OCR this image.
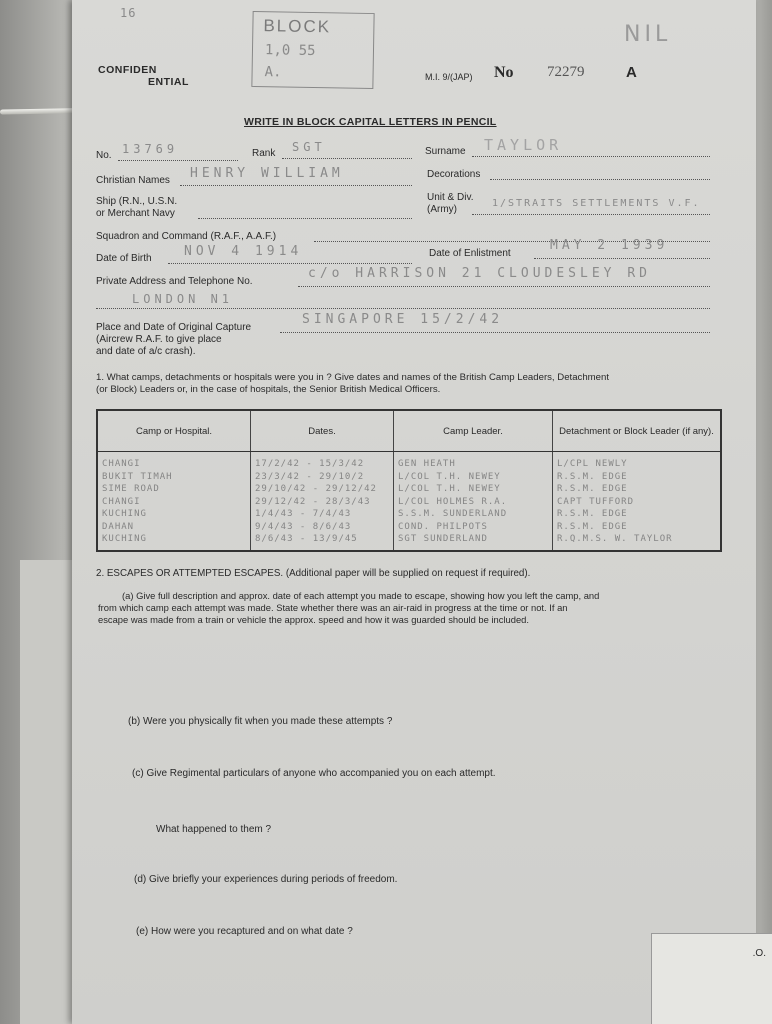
16
BLOCK
1,0 55
A.
CONFIDEN
ENTIAL	M.I. 9/(JAP) No 72279	A
NIL
WRITE IN BLOCK CAPITAL LETTERS IN PENCIL
No. 13769	Rank SGT	Surname TAYLOR
Christian Names HENRY WILLIAM	Decorations
Ship (R.N., U.S.N.
or Merchant Navy
Unit & Div.
(Army)
1/STRAITS SETTLEMENTS V.F.
Squadron and Command (R.A.F., A.A.F.)
Date of Birth NOV 4 1914	Date of Enlistment
MAY 2 1939
Private Address and Telephone No.
c/o HARRISON 21 CLOUDESLEY RD
LONDON N1
Place and Date of Original Capture
(Aircrew R.A.F. to give place
and date of a/c crash).
SINGAPORE 15/2/42
1. What camps, detachments or hospitals were you in ? Give dates and names of the British Camp Leaders, Detachment
(or Block) Leaders or, in the case of hospitals, the Senior British Medical Officers.
Camp or Hospital.	Dates.	Camp Leader.	Detachment or Block Leader (if any).
CHANGI	17/2/42 - 15/3/42	GEN HEATH	L/CPL NEWLY
BUKIT TIMAH	23/3/42 - 29/10/2	L/COL T.H. NEWEY	R.S.M. EDGE
SIME ROAD	29/10/42 - 29/12/42	L/COL T.H. NEWEY	R.S.M. EDGE
CHANGI	29/12/42 - 28/3/43	L/COL HOLMES R.A.	CAPT TUFFORD
KUCHING	1/4/43 - 7/4/43	S.S.M. SUNDERLAND	R.S.M. EDGE
DAHAN	9/4/43 - 8/6/43	COND. PHILPOTS	R.S.M. EDGE
KUCHING	8/6/43 - 13/9/45	SGT SUNDERLAND	R.Q.M.S. W. TAYLOR
2. ESCAPES OR ATTEMPTED ESCAPES. (Additional paper will be supplied on request if required).
(a) Give full description and approx. date of each attempt you made to escape, showing how you left the camp, and
from which camp each attempt was made. State whether there was an air-raid in progress at the time or not. If an
escape was made from a train or vehicle the approx. speed and how it was guarded should be included.
(b) Were you physically fit when you made these attempts ?
(c) Give Regimental particulars of anyone who accompanied you on each attempt.
What happened to them ?
(d) Give briefly your experiences during periods of freedom.
(e) How were you recaptured and on what date ?
.O.
